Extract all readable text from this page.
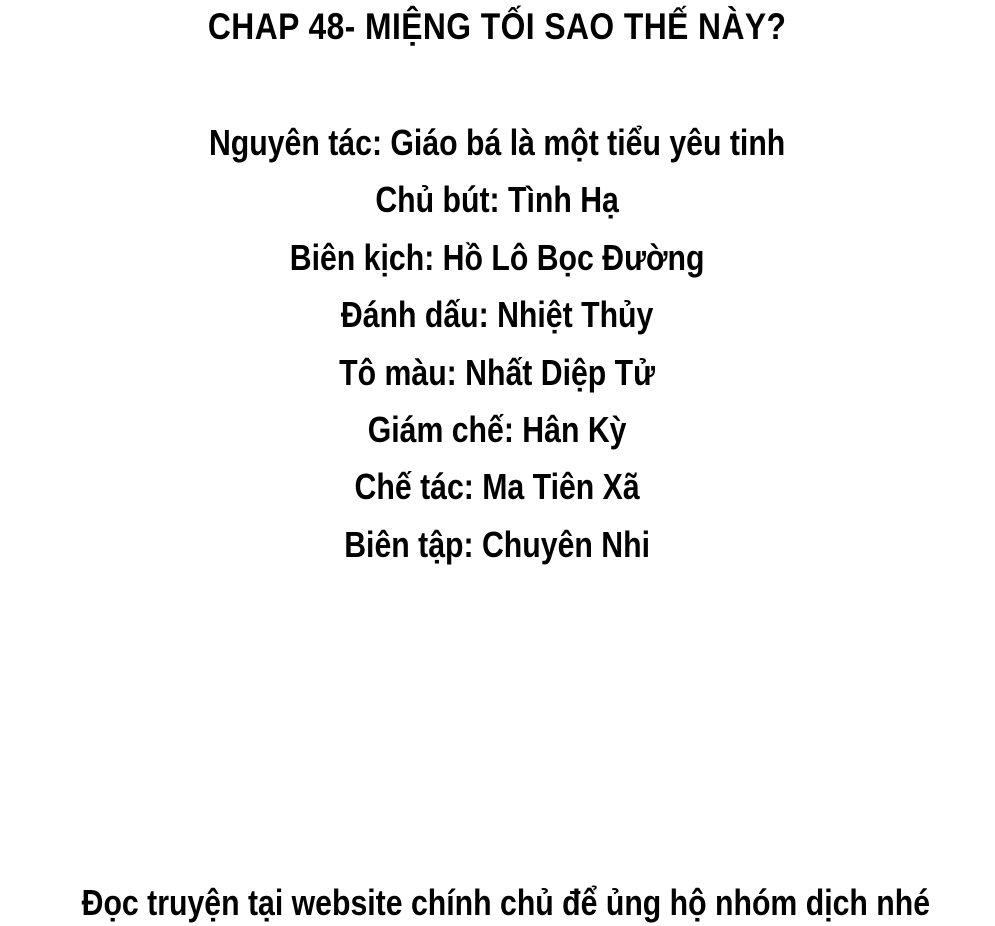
CHAP 48- MIỆNG TỐI SAO THẾ NÀY?
Nguyên tác: Giáo bá là một tiểu yêu tinh
Chủ bút: Tình Hạ
Biên kịch: Hồ Lô Bọc Đường
Đánh dấu: Nhiệt Thủy
Tô màu: Nhất Diệp Tử
Giám chế: Hân Kỳ
Chế tác: Ma Tiên Xã
Biên tập: Chuyên Nhi
Đọc truyện tại website chính chủ để ủng hộ nhóm dịch nhé
